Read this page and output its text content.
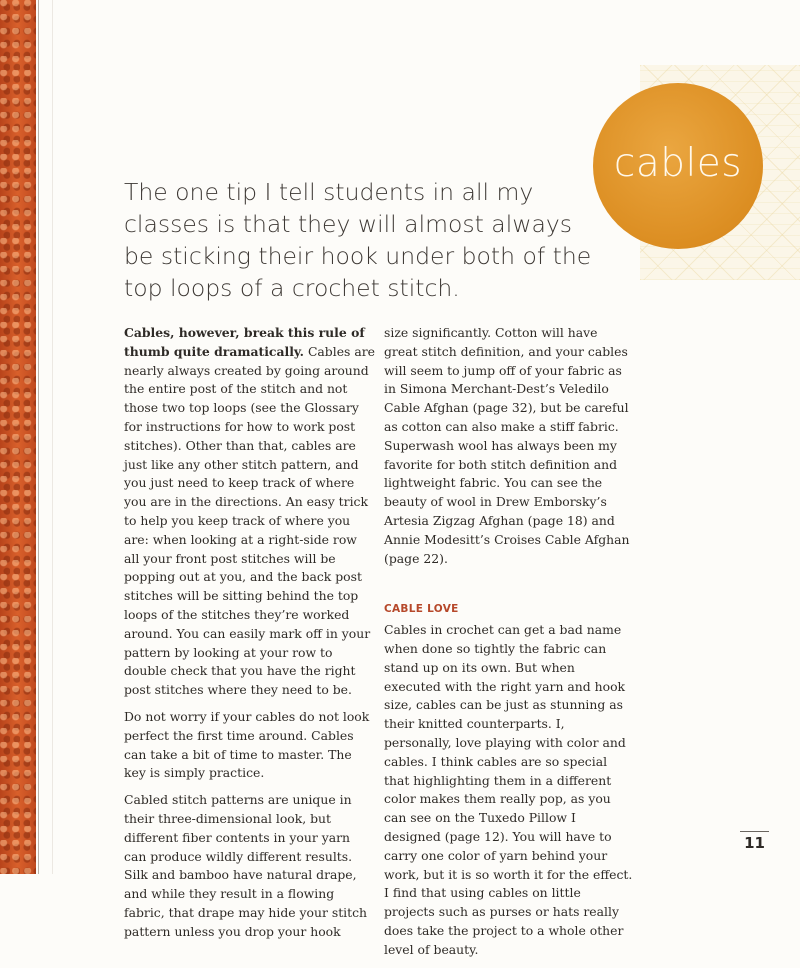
cables

The one tip I tell students in all my classes is that they will almost always be sticking their hook under both of the top loops of a crochet stitch.

Cables, however, break this rule of thumb quite dramatically. Cables are nearly always created by going around the entire post of the stitch and not those two top loops (see the Glossary for instructions for how to work post stitches). Other than that, cables are just like any other stitch pattern, and you just need to keep track of where you are in the directions. An easy trick to help you keep track of where you are: when looking at a right-side row all your front post stitches will be popping out at you, and the back post stitches will be sitting behind the top loops of the stitches they’re worked around. You can easily mark off in your pattern by looking at your row to double check that you have the right post stitches where they need to be.

Do not worry if your cables do not look perfect the first time around. Cables can take a bit of time to master. The key is simply practice.

Cabled stitch patterns are unique in their three-dimensional look, but different fiber contents in your yarn can produce wildly different results. Silk and bamboo have natural drape, and while they result in a flowing fabric, that drape may hide your stitch pattern unless you drop your hook

size significantly. Cotton will have great stitch definition, and your cables will seem to jump off of your fabric as in Simona Merchant-Dest’s Veledilo Cable Afghan (page 32), but be careful as cotton can also make a stiff fabric. Superwash wool has always been my favorite for both stitch definition and lightweight fabric. You can see the beauty of wool in Drew Emborsky’s Artesia Zigzag Afghan (page 18) and Annie Modesitt’s Croises Cable Afghan (page 22).

CABLE LOVE

Cables in crochet can get a bad name when done so tightly the fabric can stand up on its own. But when executed with the right yarn and hook size, cables can be just as stunning as their knitted counterparts. I, personally, love playing with color and cables. I think cables are so special that highlighting them in a different color makes them really pop, as you can see on the Tuxedo Pillow I designed (page 12). You will have to carry one color of yarn behind your work, but it is so worth it for the effect. I find that using cables on little projects such as purses or hats really does take the project to a whole other level of beauty.

11
